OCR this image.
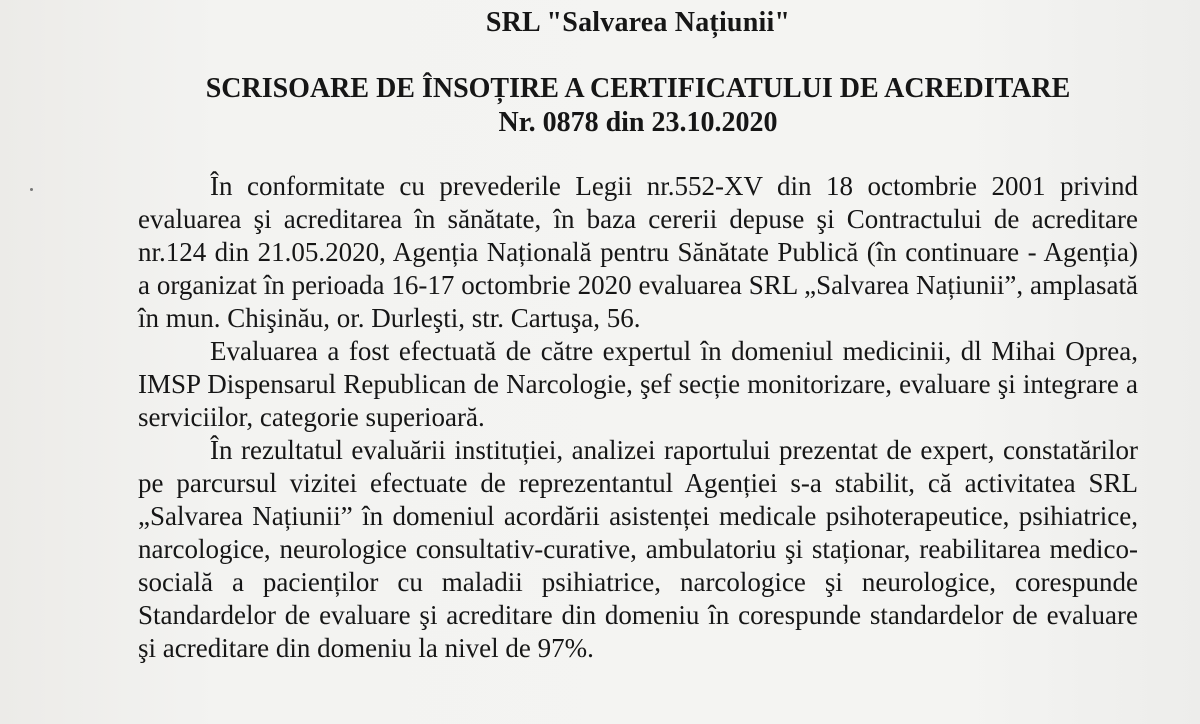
SRL "Salvarea Națiunii"
SCRISOARE DE ÎNSOȚIRE A CERTIFICATULUI DE ACREDITARE
Nr. 0878 din 23.10.2020

În conformitate cu prevederile Legii nr.552-XV din 18 octombrie 2001 privind evaluarea şi acreditarea în sănătate, în baza cererii depuse şi Contractului de acreditare nr.124 din 21.05.2020, Agenția Națională pentru Sănătate Publică (în continuare - Agenția) a organizat în perioada 16-17 octombrie 2020 evaluarea SRL „Salvarea Națiunii”, amplasată în mun. Chişinău, or. Durleşti, str. Cartuşa, 56.

Evaluarea a fost efectuată de către expertul în domeniul medicinii, dl Mihai Oprea, IMSP Dispensarul Republican de Narcologie, şef secție monitorizare, evaluare şi integrare a serviciilor, categorie superioară.

În rezultatul evaluării instituției, analizei raportului prezentat de expert, constatărilor pe parcursul vizitei efectuate de reprezentantul Agenției s-a stabilit, că activitatea SRL „Salvarea Națiunii” în domeniul acordării asistenței medicale psihoterapeutice, psihiatrice, narcologice, neurologice consultativ-curative, ambulatoriu şi staționar, reabilitarea medico-socială a pacienților cu maladii psihiatrice, narcologice şi neurologice, corespunde Standardelor de evaluare şi acreditare din domeniu în corespunde standardelor de evaluare şi acreditare din domeniu la nivel de 97%.
